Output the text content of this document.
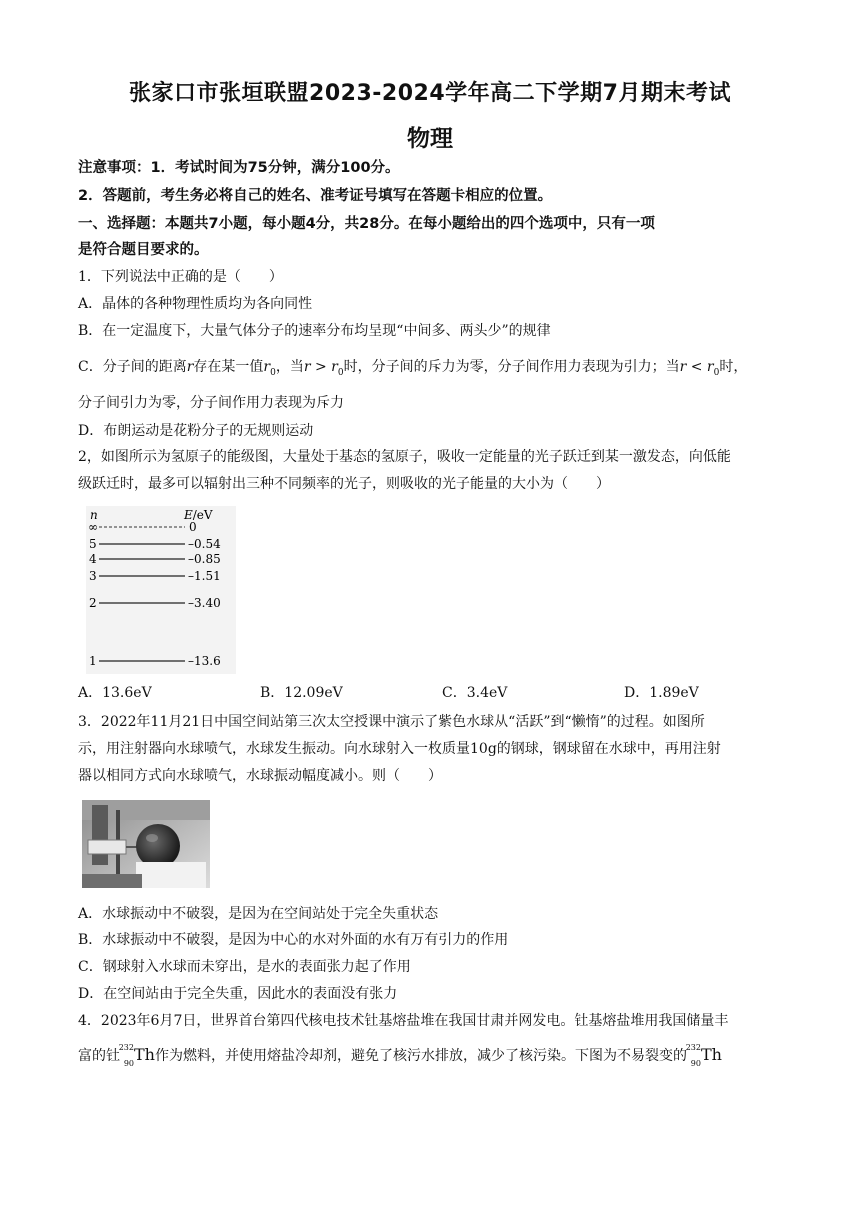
张家口市张垣联盟2023-2024学年高二下学期7月期末考试
物理
注意事项：1．考试时间为75分钟，满分100分。
2．答题前，考生务必将自己的姓名、准考证号填写在答题卡相应的位置。
一、选择题：本题共7小题，每小题4分，共28分。在每小题给出的四个选项中，只有一项
是符合题目要求的。
1．下列说法中正确的是（　　）
A．晶体的各种物理性质均为各向同性
B．在一定温度下，大量气体分子的速率分布均呈现“中间多、两头少”的规律
C．分子间的距离r存在某一值$r_0$，当$r > r_0$时，分子间的斥力为零，分子间作用力表现为引力；当$r < r_0$时，
分子间引力为零，分子间作用力表现为斥力
D．布朗运动是花粉分子的无规则运动
2，如图所示为氢原子的能级图，大量处于基态的氢原子，吸收一定能量的光子跃迁到某一激发态，向低能
级跃迁时，最多可以辐射出三种不同频率的光子，则吸收的光子能量的大小为（　　）
n	E/eV
∞
5
4
3
2
1
0
–0.54
–0.85
–1.51
–3.40
–13.6
A．13.6eV	B．12.09eV	C．3.4eV	D．1.89eV
3．2022年11月21日中国空间站第三次太空授课中演示了紫色水球从“活跃”到“懒惰”的过程。如图所
示，用注射器向水球喷气，水球发生振动。向水球射入一枚质量10g的钢球，钢球留在水球中，再用注射
器以相同方式向水球喷气，水球振动幅度减小。则（　　）
A．水球振动中不破裂，是因为在空间站处于完全失重状态
B．水球振动中不破裂，是因为中心的水对外面的水有万有引力的作用
C．钢球射入水球而未穿出，是水的表面张力起了作用
D．在空间站由于完全失重，因此水的表面没有张力
4．2023年6月7日，世界首台第四代核电技术钍基熔盐堆在我国甘肃并网发电。钍基熔盐堆用我国储量丰
富的钍
232
90 Th作为燃料，并使用熔盐冷却剂，避免了核污水排放，减少了核污染。下图为不易裂变的
232
90 Th
